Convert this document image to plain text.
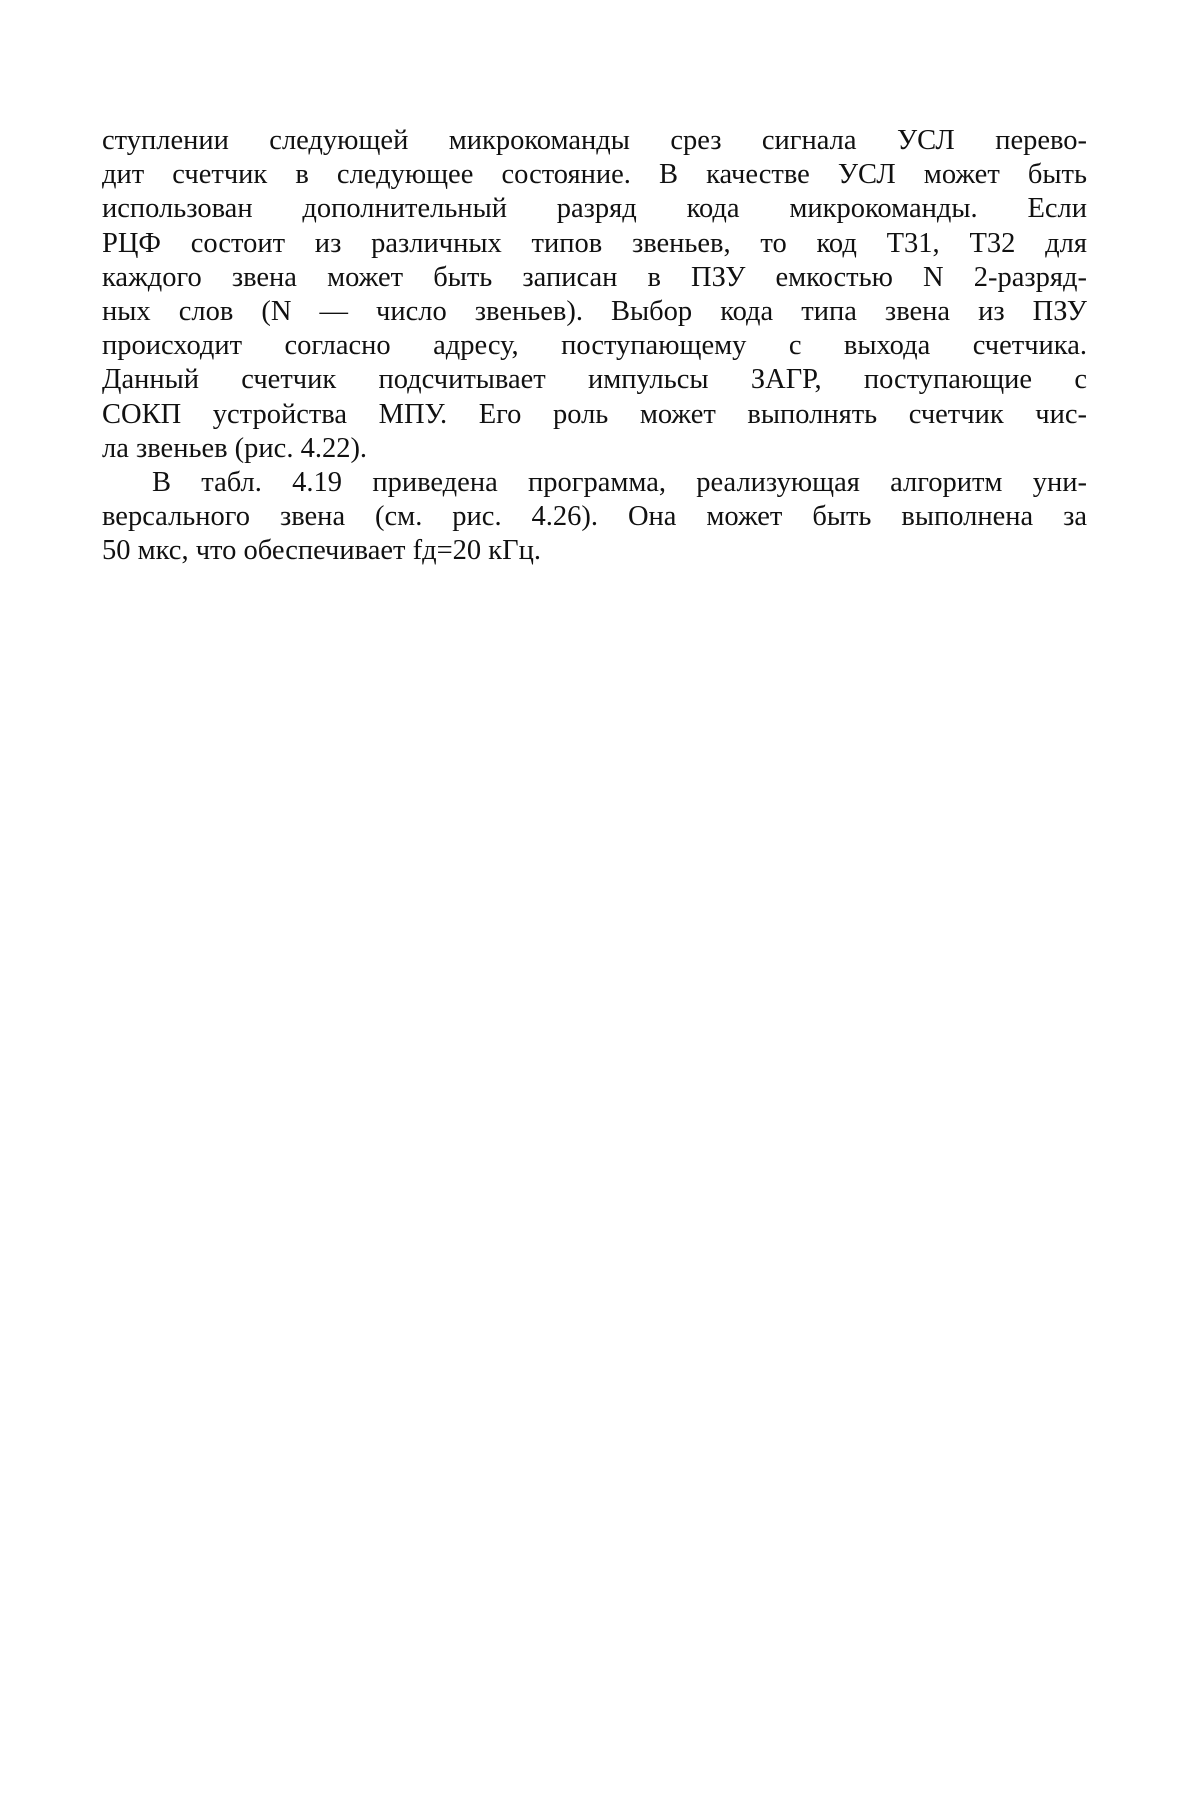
ступлении следующей микрокоманды срез сигнала УСЛ перево-
дит счетчик в следующее состояние. В качестве УСЛ может быть
использован дополнительный разряд кода микрокоманды. Если
РЦФ состоит из различных типов звеньев, то код Т31, Т32 для
каждого звена может быть записан в ПЗУ емкостью N 2-разряд-
ных слов (N — число звеньев). Выбор кода типа звена из ПЗУ
происходит согласно адресу, поступающему с выхода счетчика.
Данный счетчик подсчитывает импульсы ЗАГР, поступающие с
СОКП устройства МПУ. Его роль может выполнять счетчик чис-
ла звеньев (рис. 4.22).
В табл. 4.19 приведена программа, реализующая алгоритм уни-
версального звена (см. рис. 4.26). Она может быть выполнена за
50 мкс, что обеспечивает fд=20 кГц.
